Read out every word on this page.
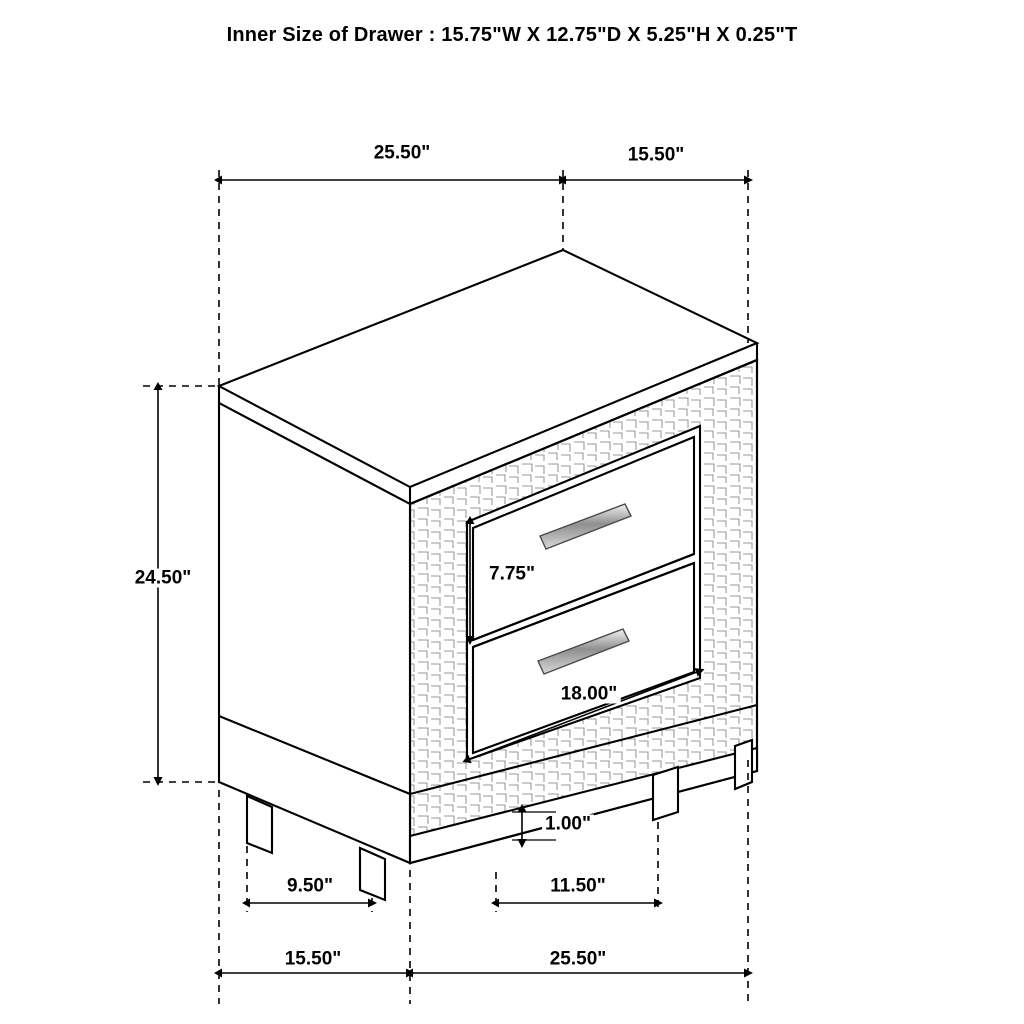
Inner Size of Drawer : 15.75"W X 12.75"D X 5.25"H X 0.25"T
25.50"	15.50"
24.50"	7.75"
18.00"
1.00"
9.50"	11.50"
15.50"	25.50"
